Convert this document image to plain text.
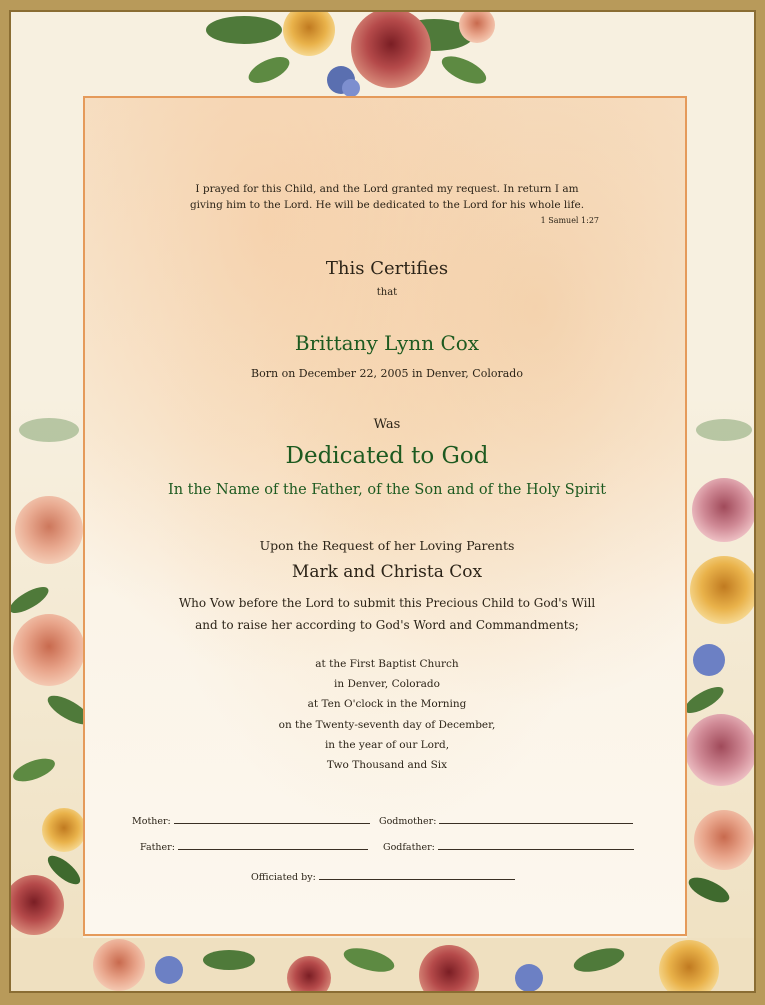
I prayed for this Child, and the Lord granted my request. In return I am
giving him to the Lord. He will be dedicated to the Lord for his whole life.
1 Samuel 1:27
This Certifies
that
Brittany Lynn Cox
Born on December 22, 2005 in Denver, Colorado
Was
Dedicated to God
In the Name of the Father, of the Son and of the Holy Spirit
Upon the Request of her Loving Parents
Mark and Christa Cox
Who Vow before the Lord to submit this Precious Child to God's Will
and to raise her according to God's Word and Commandments;
at the First Baptist Church
in Denver, Colorado
at Ten O'clock in the Morning
on the Twenty-seventh day of December,
in the year of our Lord,
Two Thousand and Six
Mother:	Godmother:
Father:	Godfather:
Officiated by:
